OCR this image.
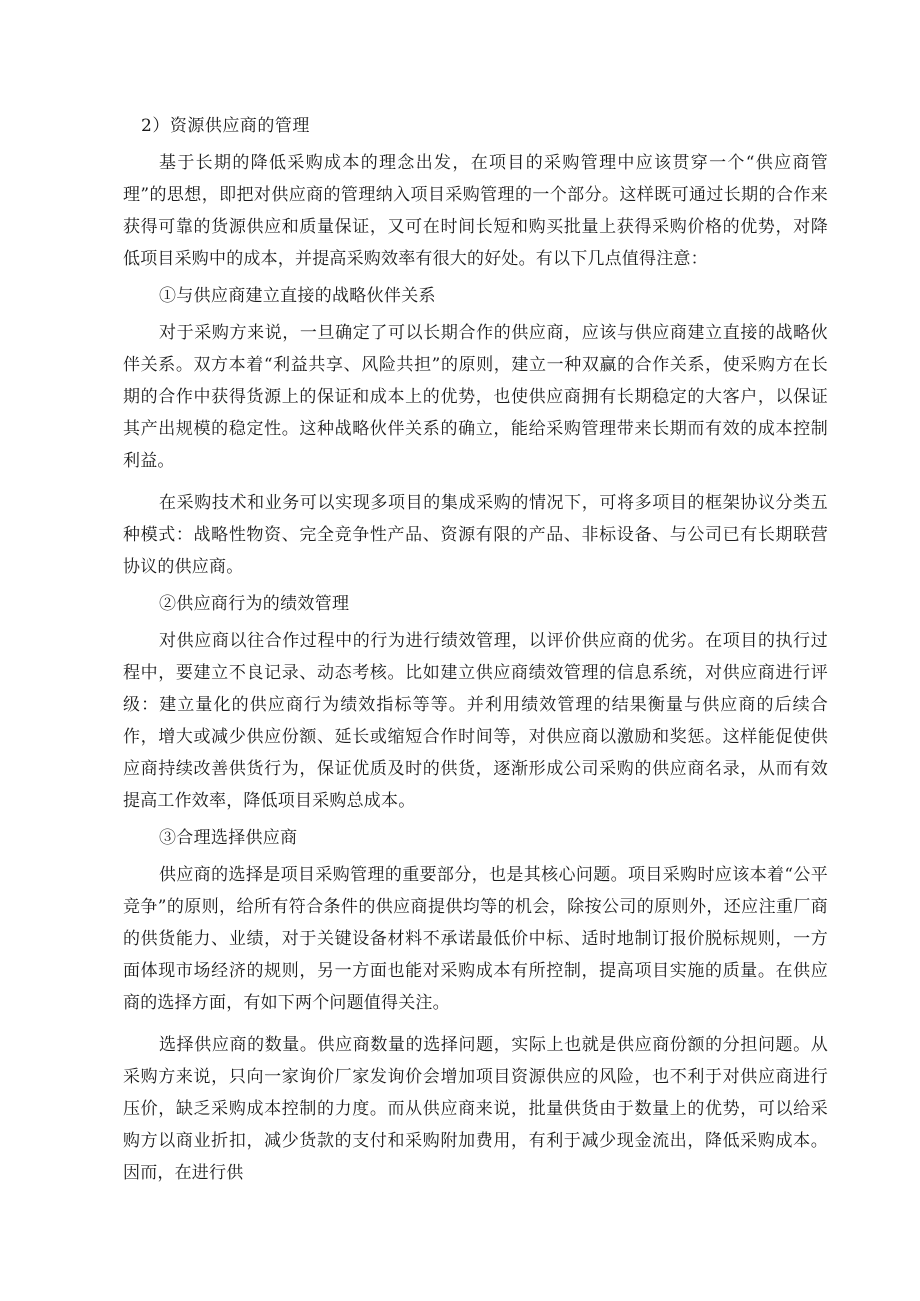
2）资源供应商的管理

基于长期的降低采购成本的理念出发，在项目的采购管理中应该贯穿一个“供应商管理”的思想，即把对供应商的管理纳入项目采购管理的一个部分。这样既可通过长期的合作来获得可靠的货源供应和质量保证，又可在时间长短和购买批量上获得采购价格的优势，对降低项目采购中的成本，并提高采购效率有很大的好处。有以下几点值得注意：

①与供应商建立直接的战略伙伴关系

对于采购方来说，一旦确定了可以长期合作的供应商，应该与供应商建立直接的战略伙伴关系。双方本着“利益共享、风险共担”的原则，建立一种双赢的合作关系，使采购方在长期的合作中获得货源上的保证和成本上的优势，也使供应商拥有长期稳定的大客户，以保证其产出规模的稳定性。这种战略伙伴关系的确立，能给采购管理带来长期而有效的成本控制利益。

在采购技术和业务可以实现多项目的集成采购的情况下，可将多项目的框架协议分类五种模式：战略性物资、完全竞争性产品、资源有限的产品、非标设备、与公司已有长期联营协议的供应商。

②供应商行为的绩效管理

对供应商以往合作过程中的行为进行绩效管理，以评价供应商的优劣。在项目的执行过程中，要建立不良记录、动态考核。比如建立供应商绩效管理的信息系统，对供应商进行评级：建立量化的供应商行为绩效指标等等。并利用绩效管理的结果衡量与供应商的后续合作，增大或减少供应份额、延长或缩短合作时间等，对供应商以激励和奖惩。这样能促使供应商持续改善供货行为，保证优质及时的供货，逐渐形成公司采购的供应商名录，从而有效提高工作效率，降低项目采购总成本。

③合理选择供应商

供应商的选择是项目采购管理的重要部分，也是其核心问题。项目采购时应该本着“公平竞争”的原则，给所有符合条件的供应商提供均等的机会，除按公司的原则外，还应注重厂商的供货能力、业绩，对于关键设备材料不承诺最低价中标、适时地制订报价脱标规则，一方面体现市场经济的规则，另一方面也能对采购成本有所控制，提高项目实施的质量。在供应商的选择方面，有如下两个问题值得关注。

选择供应商的数量。供应商数量的选择问题，实际上也就是供应商份额的分担问题。从采购方来说，只向一家询价厂家发询价会增加项目资源供应的风险，也不利于对供应商进行压价，缺乏采购成本控制的力度。而从供应商来说，批量供货由于数量上的优势，可以给采购方以商业折扣，减少货款的支付和采购附加费用，有利于减少现金流出，降低采购成本。因而，在进行供
